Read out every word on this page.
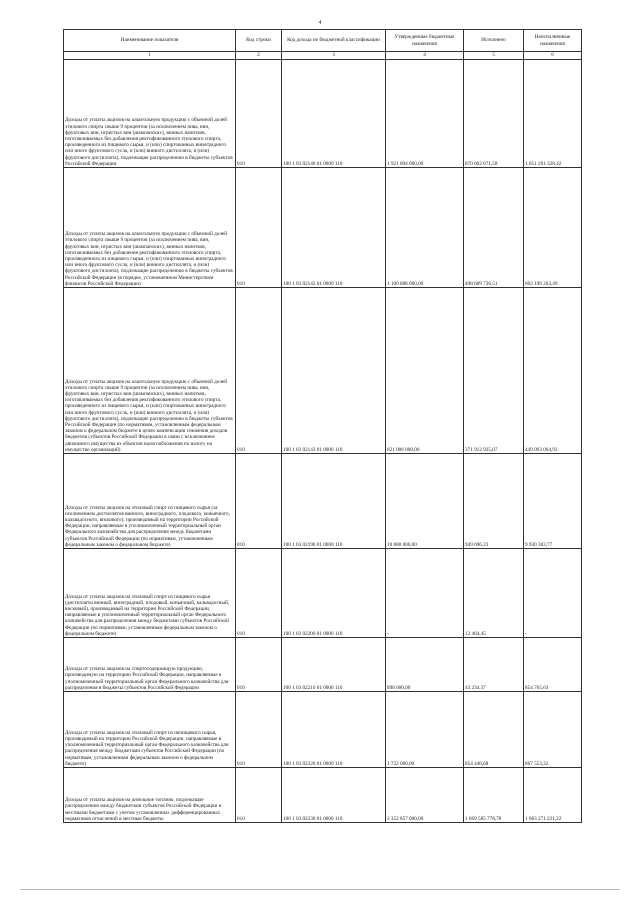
4
Наименование показателя	Код строки	Код дохода по бюджетной классификации	Утвержденные бюджетные назначения	Исполнено	Неисполненные назначения
1	2	3	4	5	6
Доходы от уплаты акцизов на алкогольную продукцию с объемной долей этилового спирта свыше 9 процентов (за исключением пива, вин, фруктовых вин, игристых вин (шампанских), винных напитков, изготавливаемых без добавления ректификованного этилового спирта, произведенного из пищевого сырья, и (или) спиртованных виноградного или иного фруктового сусла, и (или) винного дистиллята, и (или) фруктового дистиллята), подлежащие распределению в бюджеты субъектов Российской Федерации	010	100 1 03 02140 01 0000 110	1 921 894 000,00	870 602 671,58	1 051 291 328,42
Доходы от уплаты акцизов на алкогольную продукцию с объемной долей этилового спирта свыше 9 процентов (за исключением пива, вин, фруктовых вин, игристых вин (шампанских), винных напитков, изготавливаемых без добавления ректификованного этилового спирта, произведенного из пищевого сырья, и (или) спиртованных виноградного или иного фруктового сусла, и (или) винного дистиллята, и (или) фруктового дистиллята), подлежащие распределению в бюджеты субъектов Российской Федерации (в порядке, установленном Министерством финансов Российской Федерации)	010	100 1 03 02142 01 0000 110	1 100 888 000,00	498 689 736,51	602 198 263,49
Доходы от уплаты акцизов на алкогольную продукцию с объемной долей этилового спирта свыше 9 процентов (за исключением пива, вин, фруктовых вин, игристых вин (шампанских), винных напитков, изготавливаемых без добавления ректификованного этилового спирта, произведенного из пищевого сырья, и (или) спиртованных виноградного или иного фруктового сусла, и (или) винного дистиллята, и (или) фруктового дистиллята), подлежащие распределению в бюджеты субъектов Российской Федерации (по нормативам, установленным федеральным законом о федеральном бюджете в целях компенсации снижения доходов бюджетов субъектов Российской Федерации в связи с исключением движимого имущества из объектов налогообложения по налогу на имущество организаций)	010	100 1 03 02143 01 0000 110	821 006 000,00	371 912 935,07	449 093 064,93
Доходы от уплаты акцизов на этиловый спирт из пищевого сырья (за исключением дистиллятов винного, виноградного, плодового, коньячного, кальвадосного, вискового), производимый на территории Российской Федерации, направляемые в уполномоченный территориальный орган Федерального казначейства для распределения между бюджетами субъектов Российской Федерации (по нормативам, установленным федеральным законом о федеральном бюджете)	010	100 1 03 02190 01 0000 110	10 880 000,00	949 696,23	9 930 303,77
Доходы от уплаты акцизов на этиловый спирт из пищевого сырья (дистилляты винный, виноградный, плодовый, коньячный, кальвадосный, висковый), производимый на территории Российской Федерации, направляемые в уполномоченный территориальный орган Федерального казначейства для распределения между бюджетами субъектов Российской Федерации (по нормативам, установленным федеральным законом о федеральном бюджете)	010	100 1 03 02200 01 0000 110	-	12 464,45	-
Доходы от уплаты акцизов на спиртосодержащую продукцию, производимую на территории Российской Федерации, направляемые в уполномоченный территориальный орган Федерального казначейства для распределения в бюджеты субъектов Российской Федерации	010	100 1 03 02210 01 0000 110	898 000,00	43 234,37	854 765,63
Доходы от уплаты акцизов на этиловый спирт из непищевого сырья, производимый на территории Российской Федерации, направляемые в уполномоченный территориальный орган Федерального казначейства для распределения между бюджетами субъектов Российской Федерации (по нормативам, установленным федеральным законом о федеральном бюджете)	010	100 1 03 02220 01 0000 110	1 722 000,00	854 446,68	867 553,32
Доходы от уплаты акцизов на дизельное топливо, подлежащие распределению между бюджетами субъектов Российской Федерации и местными бюджетами с учетом установленных дифференцированных нормативов отчислений в местные бюджеты	010	100 1 03 02230 01 0000 110	3 352 857 000,00	1 669 585 778,78	1 683 271 221,22
